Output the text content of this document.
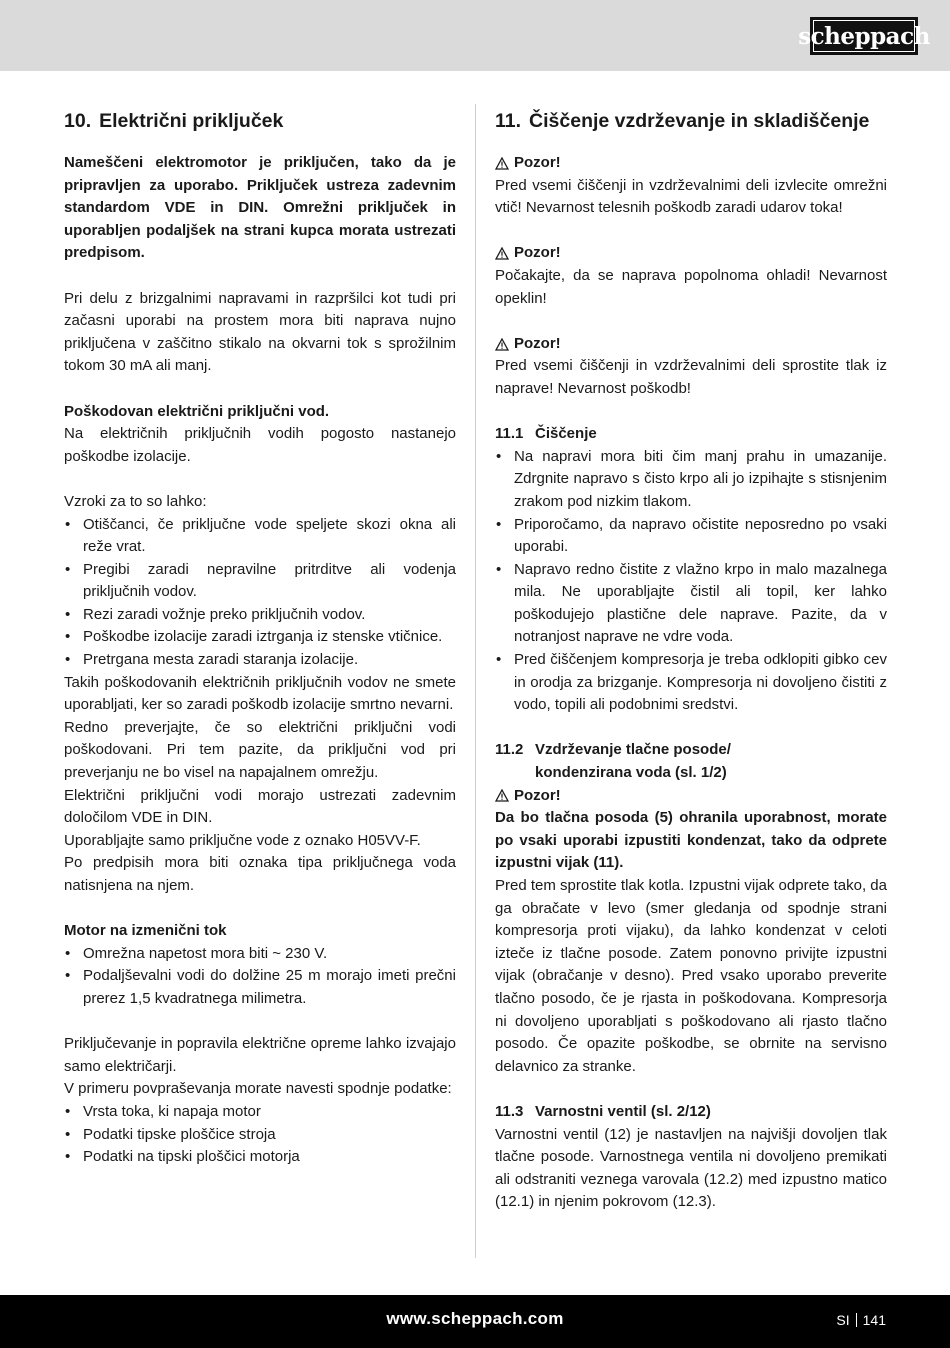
scheppach
10. Električni priključek

Nameščeni elektromotor je priključen, tako da je pripravljen za uporabo. Priključek ustreza zadevnim standardom VDE in DIN. Omrežni priključek in uporabljen podaljšek na strani kupca morata ustrezati predpisom.

Pri delu z brizgalnimi napravami in razpršilci kot tudi pri začasni uporabi na prostem mora biti naprava nujno priključena v zaščitno stikalo na okvarni tok s sprožilnim tokom 30 mA ali manj.

Poškodovan električni priključni vod.

Na električnih priključnih vodih pogosto nastanejo poškodbe izolacije.

Vzroki za to so lahko:

• Otiščanci, če priključne vode speljete skozi okna ali reže vrat.
• Pregibi zaradi nepravilne pritrditve ali vodenja priključnih vodov.
• Rezi zaradi vožnje preko priključnih vodov.
• Poškodbe izolacije zaradi iztrganja iz stenske vtičnice.
• Pretrgana mesta zaradi staranja izolacije.

Takih poškodovanih električnih priključnih vodov ne smete uporabljati, ker so zaradi poškodb izolacije smrtno nevarni.

Redno preverjajte, če so električni priključni vodi poškodovani. Pri tem pazite, da priključni vod pri preverjanju ne bo visel na napajalnem omrežju.

Električni priključni vodi morajo ustrezati zadevnim določilom VDE in DIN.

Uporabljajte samo priključne vode z oznako H05VV-F.

Po predpisih mora biti oznaka tipa priključnega voda natisnjena na njem.

Motor na izmenični tok

• Omrežna napetost mora biti ~ 230 V.
• Podaljševalni vodi do dolžine 25 m morajo imeti prečni prerez 1,5 kvadratnega milimetra.

Priključevanje in popravila električne opreme lahko izvajajo samo električarji.

V primeru povpraševanja morate navesti spodnje podatke:

• Vrsta toka, ki napaja motor
• Podatki tipske ploščice stroja
• Podatki na tipski ploščici motorja
11. Čiščenje vzdrževanje in skladiščenje
Pozor!

Pred vsemi čiščenji in vzdrževalnimi deli izvlecite omrežni vtič! Nevarnost telesnih poškodb zaradi udarov toka!

Pozor!

Počakajte, da se naprava popolnoma ohladi! Nevarnost opeklin!

Pozor!

Pred vsemi čiščenji in vzdrževalnimi deli sprostite tlak iz naprave! Nevarnost poškodb!

11.1 Čiščenje
• Na napravi mora biti čim manj prahu in umazanije. Zdrgnite napravo s čisto krpo ali jo izpihajte s stisnjenim zrakom pod nizkim tlakom.
• Priporočamo, da napravo očistite neposredno po vsaki uporabi.
• Napravo redno čistite z vlažno krpo in malo mazalnega mila. Ne uporabljajte čistil ali topil, ker lahko poškodujejo plastične dele naprave. Pazite, da v notranjost naprave ne vdre voda.
• Pred čiščenjem kompresorja je treba odklopiti gibko cev in orodja za brizganje. Kompresorja ni dovoljeno čistiti z vodo, topili ali podobnimi sredstvi.
11.2 Vzdrževanje tlačne posode/
kondenzirana voda (sl. 1/2)
Pozor!

Da bo tlačna posoda (5) ohranila uporabnost, morate po vsaki uporabi izpustiti kondenzat, tako da odprete izpustni vijak (11).

Pred tem sprostite tlak kotla. Izpustni vijak odprete tako, da ga obračate v levo (smer gledanja od spodnje strani kompresorja proti vijaku), da lahko kondenzat v celoti izteče iz tlačne posode. Zatem ponovno privijte izpustni vijak (obračanje v desno). Pred vsako uporabo preverite tlačno posodo, če je rjasta in poškodovana. Kompresorja ni dovoljeno uporabljati s poškodovano ali rjasto tlačno posodo. Če opazite poškodbe, se obrnite na servisno delavnico za stranke.

11.3 Varnostni ventil (sl. 2/12)

Varnostni ventil (12) je nastavljen na najvišji dovoljen tlak tlačne posode. Varnostnega ventila ni dovoljeno premikati ali odstraniti veznega varovala (12.2) med izpustno matico (12.1) in njenim pokrovom (12.3).

www.scheppach.com	SI 141
